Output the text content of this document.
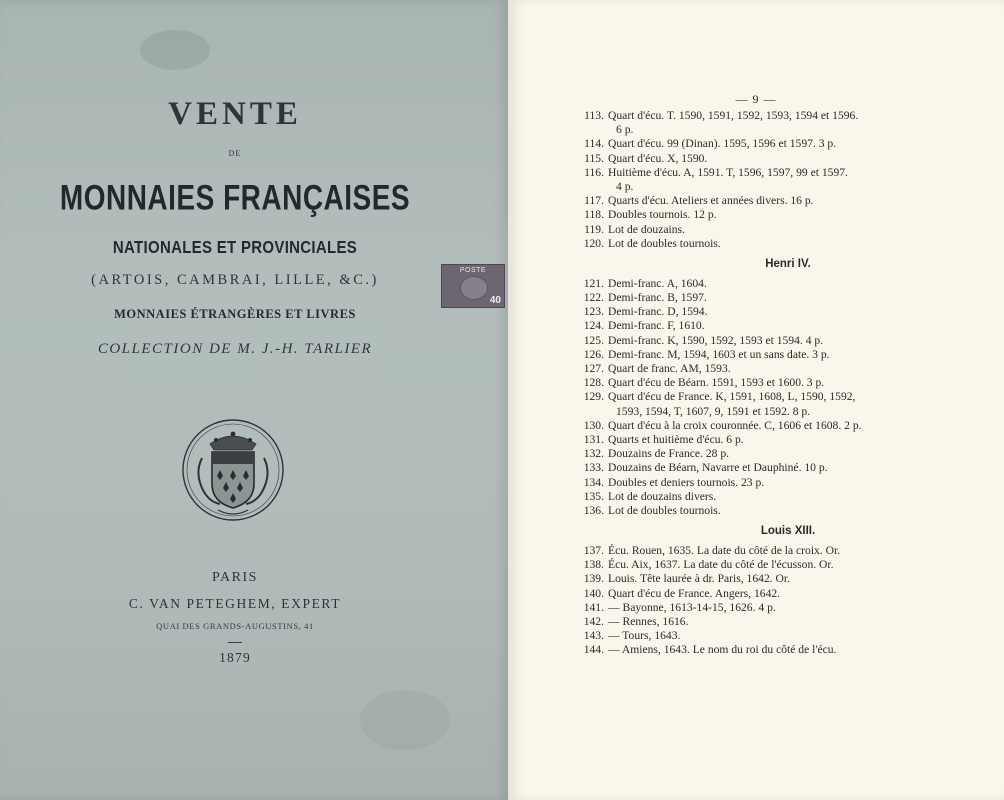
VENTE
DE
MONNAIES FRANÇAISES
NATIONALES ET PROVINCIALES
(ARTOIS, CAMBRAI, LILLE, &C.)
MONNAIES ÉTRANGÈRES ET LIVRES
COLLECTION DE M. J.-H. TARLIER
PARIS
C. VAN PETEGHEM, EXPERT
QUAI DES GRANDS-AUGUSTINS, 41
1879
POSTE
40
— 9 —
113. Quart d'écu. T. 1590, 1591, 1592, 1593, 1594 et 1596.
6 p.
114. Quart d'écu. 99 (Dinan). 1595, 1596 et 1597. 3 p.
115. Quart d'écu. X, 1590.
116. Huitième d'écu. A, 1591. T, 1596, 1597, 99 et 1597.
4 p.
117. Quarts d'écu. Ateliers et années divers. 16 p.
118. Doubles tournois. 12 p.
119. Lot de douzains.
120. Lot de doubles tournois.
Henri IV.
121. Demi-franc. A, 1604.
122. Demi-franc. B, 1597.
123. Demi-franc. D, 1594.
124. Demi-franc. F, 1610.
125. Demi-franc. K, 1590, 1592, 1593 et 1594. 4 p.
126. Demi-franc. M, 1594, 1603 et un sans date. 3 p.
127. Quart de franc. AM, 1593.
128. Quart d'écu de Béarn. 1591, 1593 et 1600. 3 p.
129. Quart d'écu de France. K, 1591, 1608, L, 1590, 1592,
1593, 1594, T, 1607, 9, 1591 et 1592. 8 p.
130. Quart d'écu à la croix couronnée. C, 1606 et 1608. 2 p.
131. Quarts et huitième d'écu. 6 p.
132. Douzains de France. 28 p.
133. Douzains de Béarn, Navarre et Dauphiné. 10 p.
134. Doubles et deniers tournois. 23 p.
135. Lot de douzains divers.
136. Lot de doubles tournois.
Louis XIII.
137. Écu. Rouen, 1635. La date du côté de la croix. Or.
138. Écu. Aix, 1637. La date du côté de l'écusson. Or.
139. Louis. Tête laurée à dr. Paris, 1642. Or.
140. Quart d'écu de France. Angers, 1642.
141. — Bayonne, 1613-14-15, 1626. 4 p.
142. — Rennes, 1616.
143. — Tours, 1643.
144. — Amiens, 1643. Le nom du roi du côté de l'écu.
